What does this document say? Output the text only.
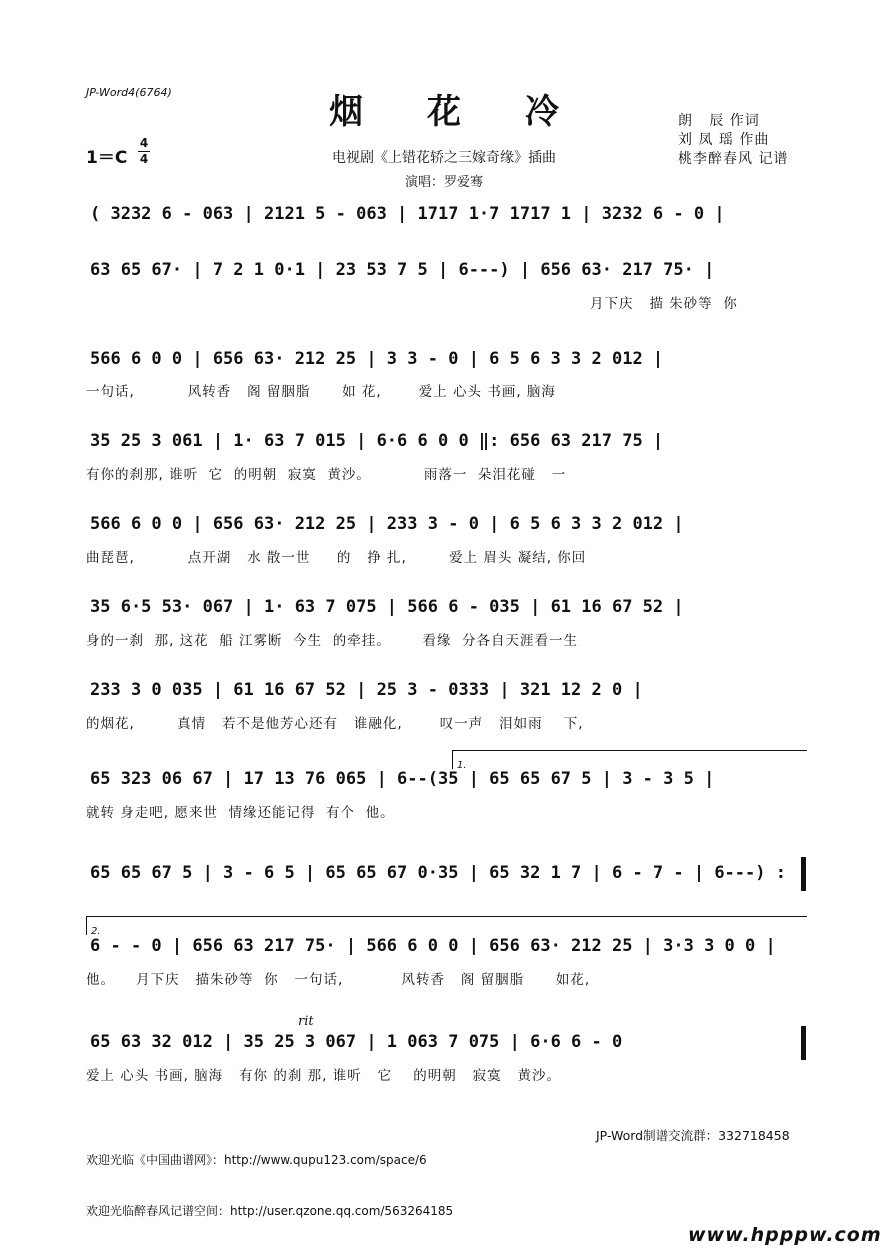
JP-Word4(6764)	烟 花 冷
1＝C
4
4	电视剧《上错花轿之三嫁奇缘》插曲
演唱：罗爱骞
朗   辰 作词
刘 凤 瑶 作曲
桃李醉春风 记谱

( 3232 6 - 063 | 2121 5 - 063 | 1717 1·7 1717 1 | 3232 6 - 0 |

63 65 67· | 7 2 1 0·1 | 23 53 7 5 | 6---) | 656 63· 217 75· |

月下庆   描 朱砂等  你

566 6 0 0 | 656 63· 212 25 | 3 3 - 0 | 6 5 6 3 3 2 012 |

一句话,          风转香   阁 留胭脂      如 花,       爱上 心头 书画, 脑海

35 25 3 061 | 1· 63 7 015 | 6·6 6 0 0 ‖: 656 63 217 75 |

有你的刹那, 谁听  它  的明朝  寂寞  黄沙。          雨落一  朵泪花碰   一

566 6 0 0 | 656 63· 212 25 | 233 3 - 0 | 6 5 6 3 3 2 012 |

曲琵琶,          点开湖   水 散一世     的   挣 扎,        爱上 眉头 凝结, 你回

35 6·5 53· 067 | 1· 63 7 075 | 566 6 - 035 | 61 16 67 52 |

身的一刹  那, 这花  船 江雾断  今生  的牵挂。      看缘  分各自天涯看一生

233 3 0 035 | 61 16 67 52 | 25 3 - 0333 | 321 12 2 0 |

的烟花,        真情   若不是他芳心还有   谁融化,       叹一声   泪如雨    下,
1.

65 323 06 67 | 17 13 76 065 | 6--(35 | 65 65 67 5 | 3 - 3 5 |

就转 身走吧, 愿来世  情缘还能记得  有个  他。

65 65 67 5 | 3 - 6 5 | 65 65 67 0·35 | 65 32 1 7 | 6 - 7 - | 6---) :

2.

6 - - 0 | 656 63 217 75· | 566 6 0 0 | 656 63· 212 25 | 3·3 3 0 0 |

他。    月下庆   描朱砂等  你   一句话,           风转香   阁 留胭脂      如花,
rit

65 63 32 012 | 35 25 3 067 | 1 063 7 075 | 6·6 6 - 0

爱上 心头 书画, 脑海   有你 的刹 那, 谁听   它    的明朝   寂寞   黄沙。

欢迎光临《中国曲谱网》：http://www.qupu123.com/space/6

欢迎光临醉春风记谱空间：http://user.qzone.qq.com/563264185

JP-Word制谱交流群：332718458
www.hpppw.com
